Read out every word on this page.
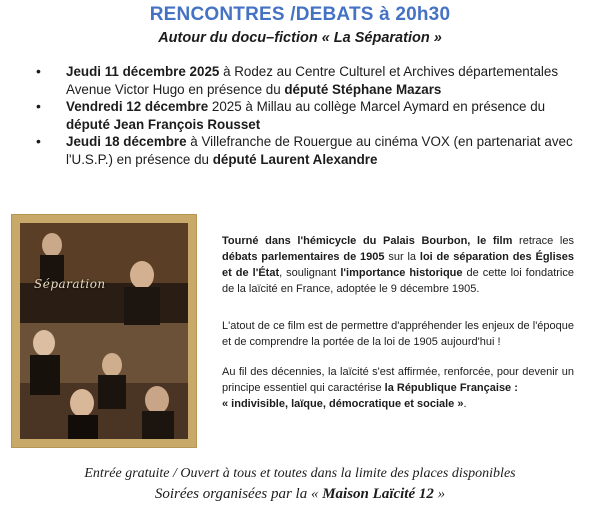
RENCONTRES /DEBATS à 20h30
Autour du docu–fiction « La Séparation »
• Jeudi 11 décembre 2025 à Rodez au Centre Culturel et Archives départementales Avenue Victor Hugo en présence du député Stéphane Mazars
• Vendredi 12 décembre 2025 à Millau au collège Marcel Aymard en présence du député Jean François Rousset
• Jeudi 18 décembre à Villefranche de Rouergue au cinéma VOX (en partenariat avec l'U.S.P.) en présence du député Laurent Alexandre
Séparation

Tourné dans l'hémicycle du Palais Bourbon, le film retrace les débats parlementaires de 1905 sur la loi de séparation des Églises et de l'État, soulignant l'importance historique de cette loi fondatrice de la laïcité en France, adoptée le 9 décembre 1905.

L'atout de ce film est de permettre d'appréhender les enjeux de l'époque et de comprendre la portée de la loi de 1905 aujourd'hui !

Au fil des décennies, la laïcité s'est affirmée, renforcée, pour devenir un principe essentiel qui caractérise la République Française :
« indivisible, laïque, démocratique et sociale ».

Entrée gratuite / Ouvert à tous et toutes dans la limite des places disponibles
Soirées organisées par la « Maison Laïcité 12 »
